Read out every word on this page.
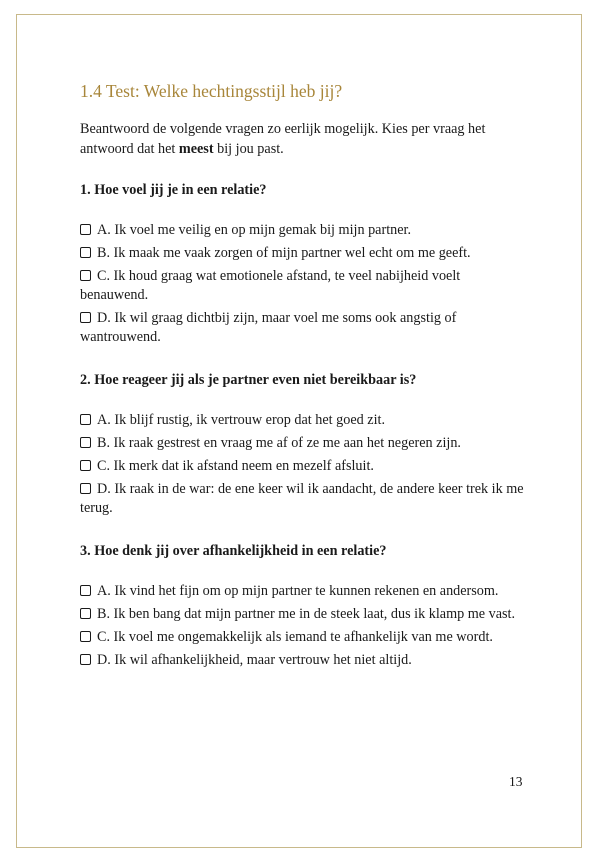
1.4 Test: Welke hechtingsstijl heb jij?

Beantwoord de volgende vragen zo eerlijk mogelijk. Kies per vraag het antwoord dat het meest bij jou past.

1. Hoe voel jij je in een relatie?
A. Ik voel me veilig en op mijn gemak bij mijn partner.
B. Ik maak me vaak zorgen of mijn partner wel echt om me geeft.
C. Ik houd graag wat emotionele afstand, te veel nabijheid voelt benauwend.
D. Ik wil graag dichtbij zijn, maar voel me soms ook angstig of wantrouwend.
2. Hoe reageer jij als je partner even niet bereikbaar is?
A. Ik blijf rustig, ik vertrouw erop dat het goed zit.
B. Ik raak gestrest en vraag me af of ze me aan het negeren zijn.
C. Ik merk dat ik afstand neem en mezelf afsluit.
D. Ik raak in de war: de ene keer wil ik aandacht, de andere keer trek ik me terug.
3. Hoe denk jij over afhankelijkheid in een relatie?
A. Ik vind het fijn om op mijn partner te kunnen rekenen en andersom.
B. Ik ben bang dat mijn partner me in de steek laat, dus ik klamp me vast.
C. Ik voel me ongemakkelijk als iemand te afhankelijk van me wordt.
D. Ik wil afhankelijkheid, maar vertrouw het niet altijd.
13
